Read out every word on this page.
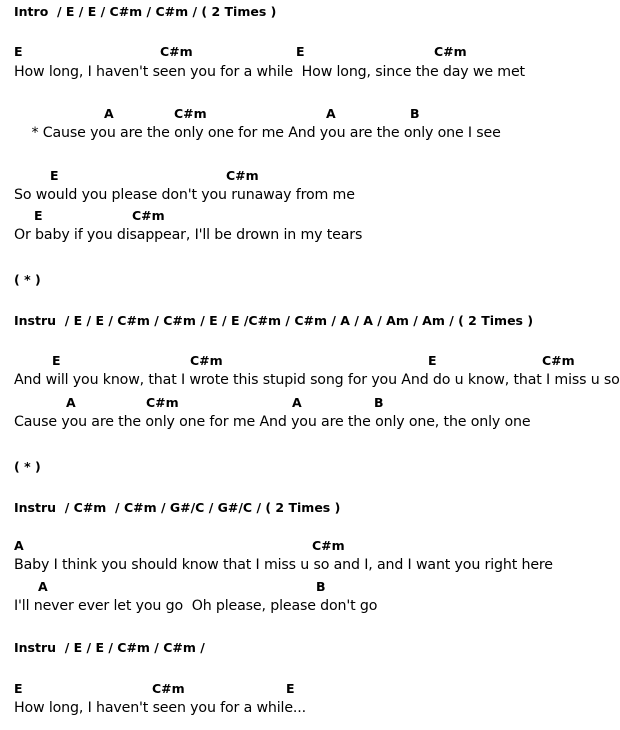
Intro  / E / E / C#m / C#m / ( 2 Times )
E	C#m	E	C#m
How long, I haven't seen you for a while  How long, since the day we met
A	C#m	A	B
* Cause you are the only one for me And you are the only one I see
E	C#m
So would you please don't you runaway from me
E	C#m
Or baby if you disappear, I'll be drown in my tears
( * )
Instru  / E / E / C#m / C#m / E / E /C#m / C#m / A / A / Am / Am / ( 2 Times )
E	C#m	E	C#m
And will you know, that I wrote this stupid song for you And do u know, that I miss u so
A	C#m	A	B
Cause you are the only one for me And you are the only one, the only one
( * )
Instru  / C#m  / C#m / G#/C / G#/C / ( 2 Times )
A	C#m
Baby I think you should know that I miss u so and I, and I want you right here
A	B
I'll never ever let you go  Oh please, please don't go
Instru  / E / E / C#m / C#m /
E	C#m	E
How long, I haven't seen you for a while...
